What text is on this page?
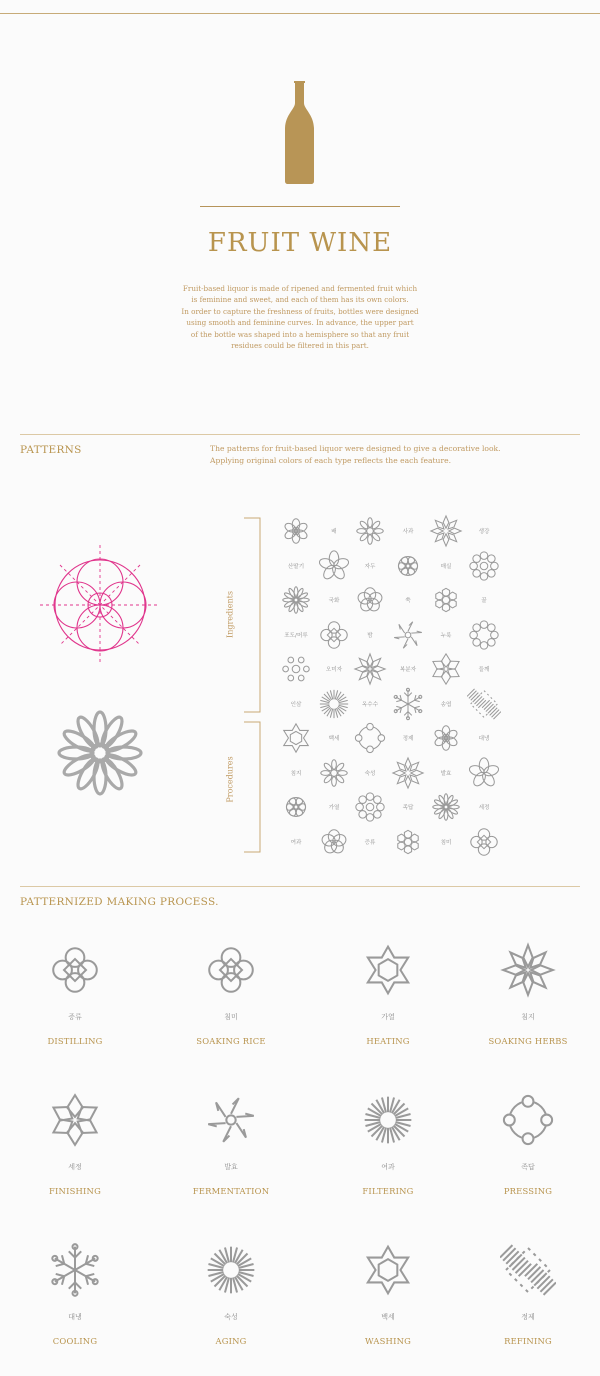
FRUIT WINE
Fruit-based liquor is made of ripened and fermented fruit which
is feminine and sweet, and each of them has its own colors.
In order to capture the freshness of fruits, bottles were designed
using smooth and feminine curves. In advance, the upper part
of the bottle was shaped into a hemisphere so that any fruit
residues could be filtered in this part.
PATTERNS	The patterns for fruit-based liquor were designed to give a decorative look.
Applying original colors of each type reflects the each feature.
Ingredients
Procedures
배	사과	생강
산딸기	자두	매실
국화	쑥	꿀
포도/머루	밤	누룩
오미자	복분자	들깨
인삼	옥수수	송엽
백세	정제	대냉
침지	숙성	발효
가열	족답	세정
여과	증류	침미
PATTERNIZED MAKING PROCESS.
증류
DISTILLING
침미
SOAKING RICE
가열
HEATING
침지
SOAKING HERBS
세정
FINISHING
발효
FERMENTATION
여과
FILTERING
족답
PRESSING
대냉
COOLING
숙성
AGING
백세
WASHING
정제
REFINING
